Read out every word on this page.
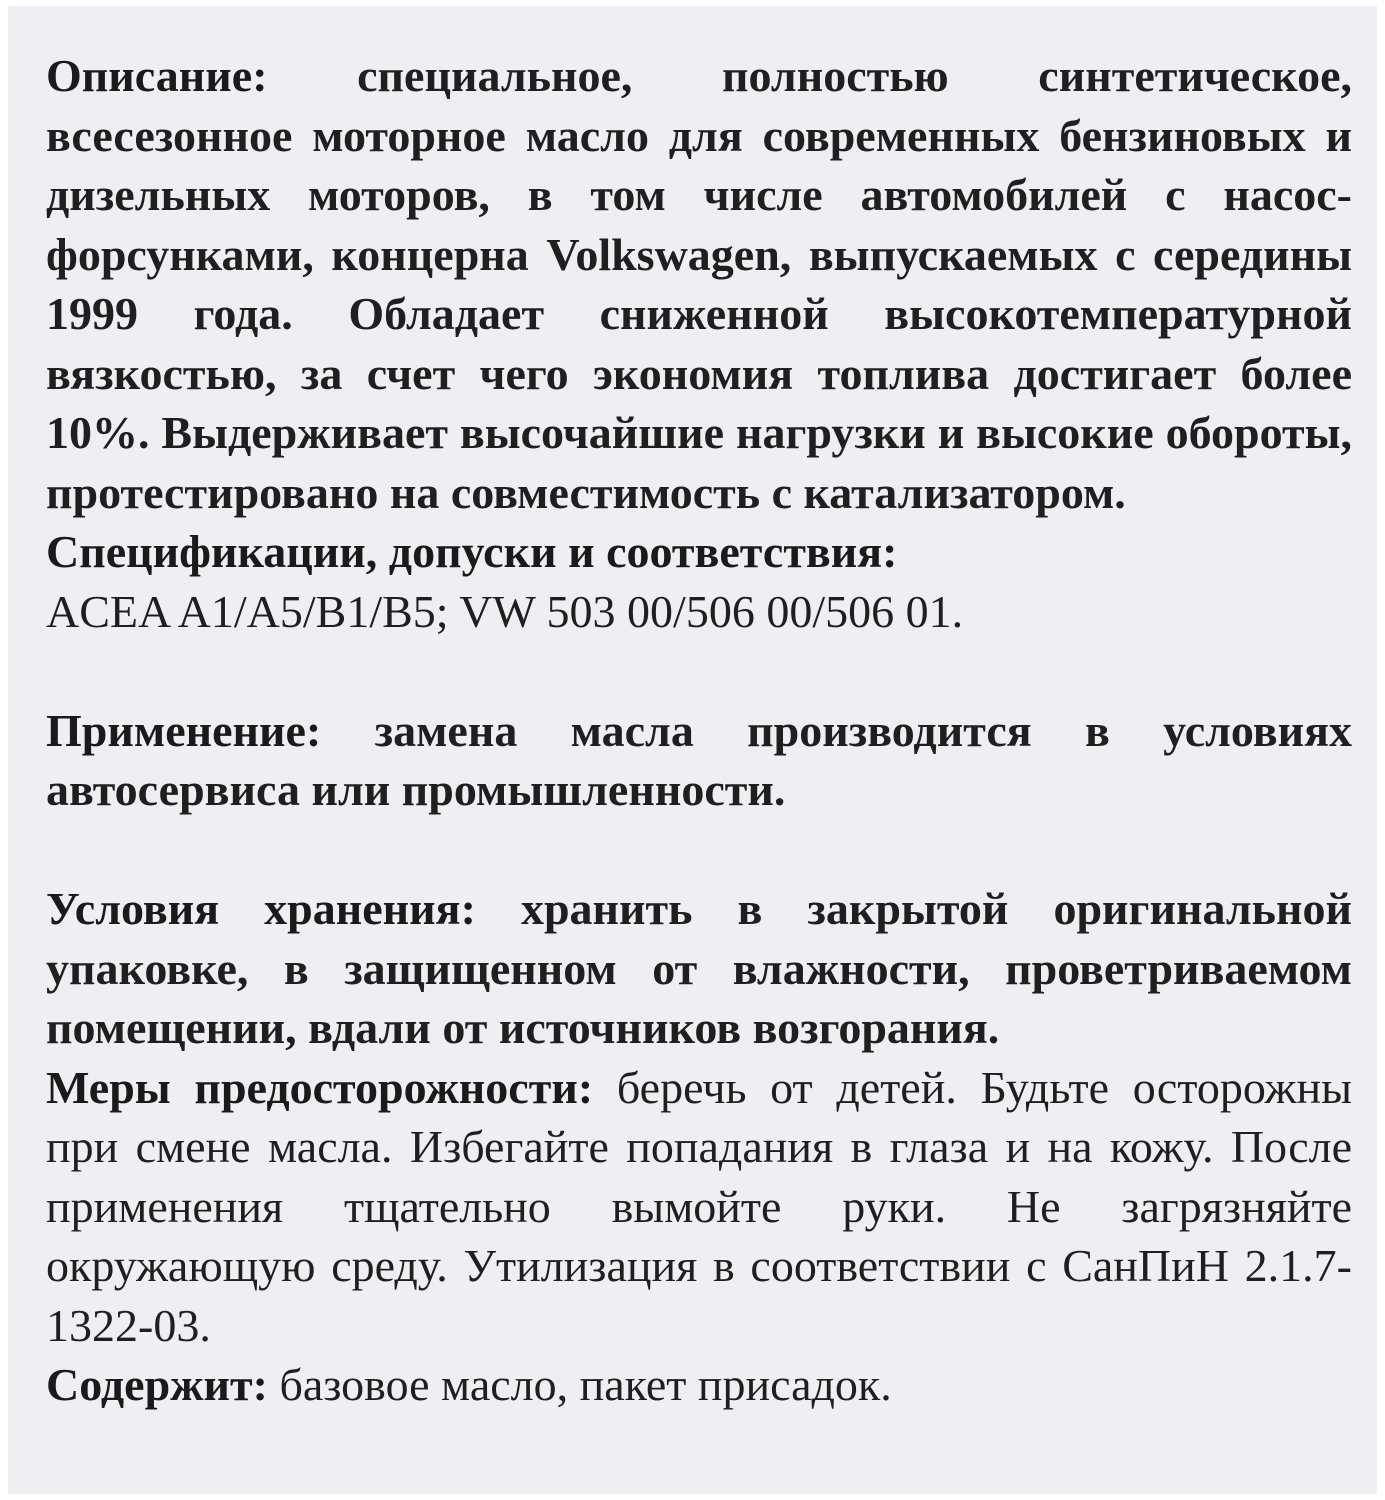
Описание: специальное, полностью синтетическое, всесезонное моторное масло для современных бензиновых и дизельных моторов, в том числе автомобилей с насос-форсунками, концерна Volkswagen, выпускаемых с середины 1999 года. Обладает сниженной высокотемпературной вязкостью, за счет чего экономия топлива достигает более 10%. Выдерживает высочайшие нагрузки и высокие обороты, протестировано на совместимость с катализатором.

Спецификации, допуски и соответствия:

ACEA A1/A5/B1/B5; VW 503 00/506 00/506 01.

Применение: замена масла производится в условиях автосервиса или промышленности.

Условия хранения: хранить в закрытой оригинальной упаковке, в защищенном от влажности, проветриваемом помещении, вдали от источников возгорания.

Меры предосторожности: беречь от детей. Будьте осторожны при смене масла. Избегайте попадания в глаза и на кожу. После применения тщательно вымойте руки. Не загрязняйте окружающую среду. Утилизация в соответствии с СанПиН 2.1.7-1322-03.

Содержит: базовое масло, пакет присадок.
